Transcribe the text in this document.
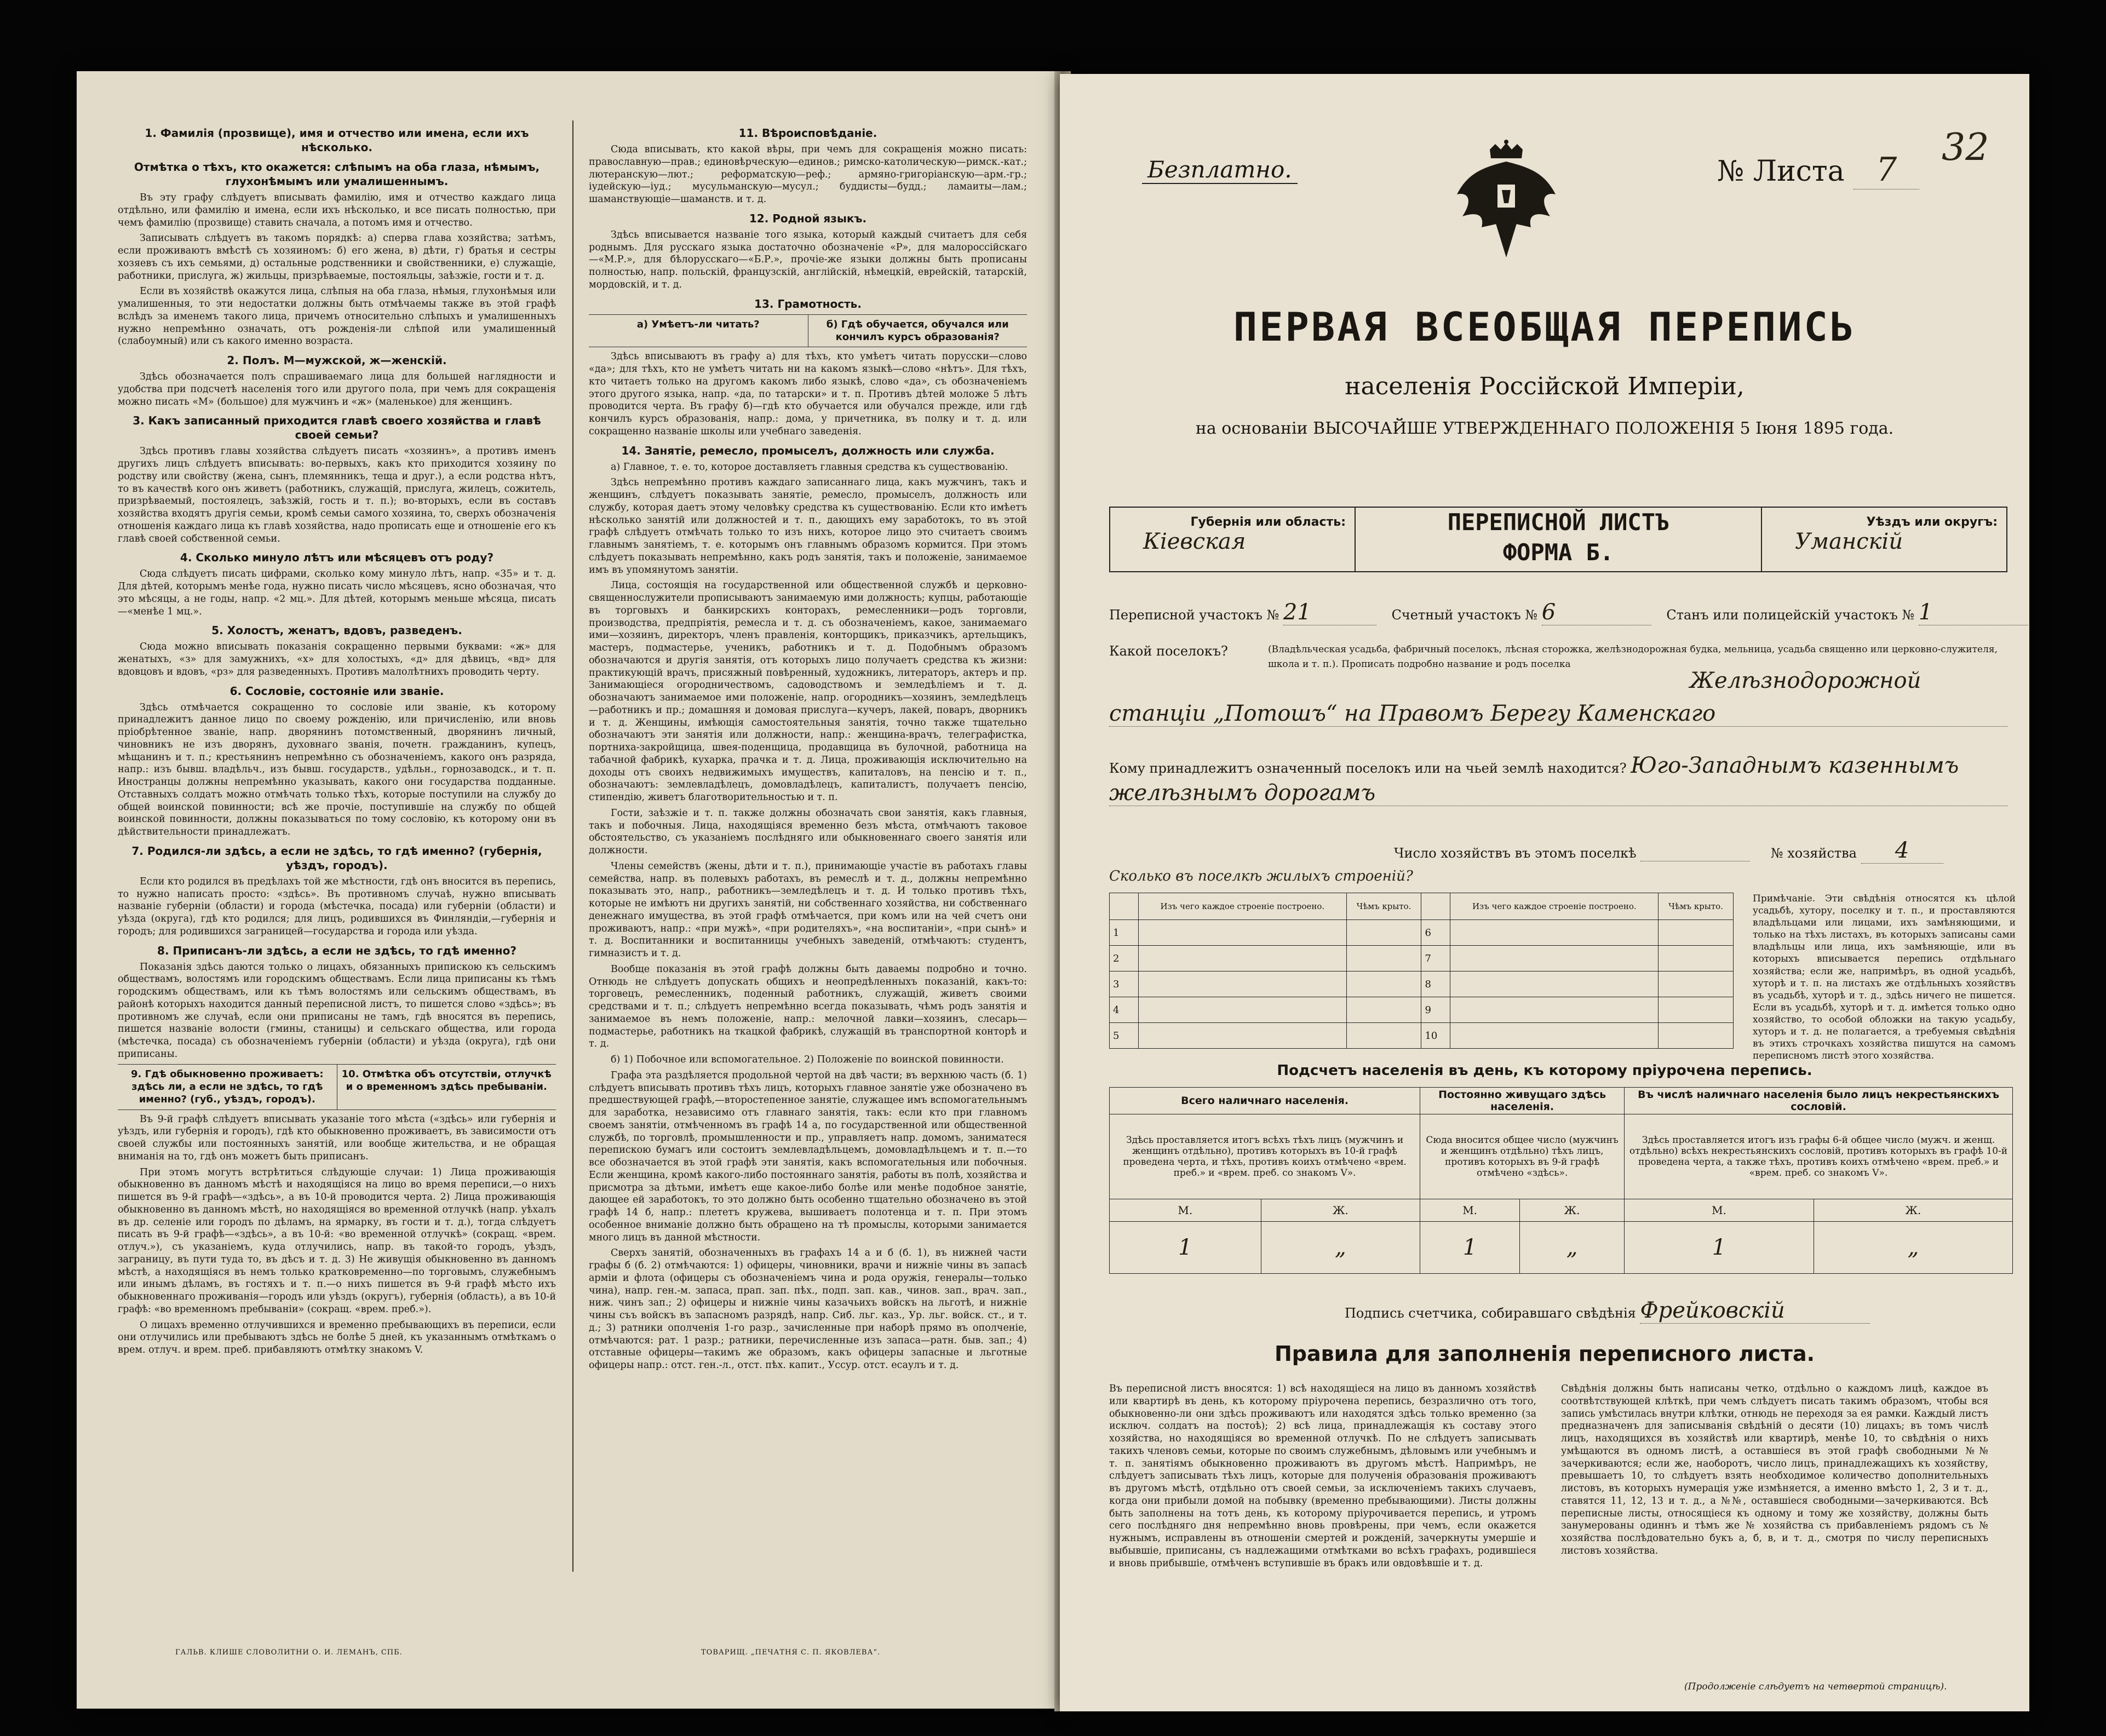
1. Фамилія (прозвище), имя и отчество или имена, если ихъ нѣсколько.
Отмѣтка о тѣхъ, кто окажется: слѣпымъ на оба глаза, нѣмымъ, глухонѣмымъ или умалишеннымъ.
Въ эту графу слѣдуетъ вписывать фамилію, имя и отчество каждаго лица отдѣльно, или фамилію и имена, если ихъ нѣсколько, и все писать полностью, при чемъ фамилію (прозвище) ставить сначала, а потомъ имя и отчество.
Записывать слѣдуетъ въ такомъ порядкѣ: а) сперва глава хозяйства; затѣмъ, если проживаютъ вмѣстѣ съ хозяиномъ: б) его жена, в) дѣти, г) братья и сестры хозяевъ съ ихъ семьями, д) остальные родственники и свойственники, е) служащіе, работники, прислуга, ж) жильцы, призрѣваемые, постояльцы, заѣзжіе, гости и т. д.
Если въ хозяйствѣ окажутся лица, слѣпыя на оба глаза, нѣмыя, глухонѣмыя или умалишенныя, то эти недостатки должны быть отмѣчаемы также въ этой графѣ вслѣдъ за именемъ такого лица, причемъ относительно слѣпыхъ и умалишенныхъ нужно непремѣнно означать, отъ рожденія-ли слѣпой или умалишенный (слабоумный) или съ какого именно возраста.
2. Полъ. М—мужской, ж—женскій.
Здѣсь обозначается полъ спрашиваемаго лица для большей наглядности и удобства при подсчетѣ населенія того или другого пола, при чемъ для сокращенія можно писать «М» (большое) для мужчинъ и «ж» (маленькое) для женщинъ.
3. Какъ записанный приходится главѣ своего хозяйства и главѣ своей семьи?
Здѣсь противъ главы хозяйства слѣдуетъ писать «хозяинъ», а противъ именъ другихъ лицъ слѣдуетъ вписывать: во-первыхъ, какъ кто приходится хозяину по родству или свойству (жена, сынъ, племянникъ, теща и друг.), а если родства нѣтъ, то въ качествѣ кого онъ живетъ (работникъ, служащій, прислуга, жилецъ, сожитель, призрѣваемый, постоялецъ, заѣзжій, гость и т. п.); во-вторыхъ, если въ составъ хозяйства входятъ другія семьи, кромѣ семьи самого хозяина, то, сверхъ обозначенія отношенія каждаго лица къ главѣ хозяйства, надо прописать еще и отношеніе его къ главѣ своей собственной семьи.
4. Сколько минуло лѣтъ или мѣсяцевъ отъ роду?
Сюда слѣдуетъ писать цифрами, сколько кому минуло лѣтъ, напр. «35» и т. д. Для дѣтей, которымъ менѣе года, нужно писать число мѣсяцевъ, ясно обозначая, что это мѣсяцы, а не годы, напр. «2 мц.». Для дѣтей, которымъ меньше мѣсяца, писать—«менѣе 1 мц.».
5. Холостъ, женатъ, вдовъ, разведенъ.
Сюда можно вписывать показанія сокращенно первыми буквами: «ж» для женатыхъ, «з» для замужнихъ, «х» для холостыхъ, «д» для дѣвицъ, «вд» для вдовцовъ и вдовъ, «рз» для разведенныхъ. Противъ малолѣтнихъ проводить черту.
6. Сословіе, состояніе или званіе.
Здѣсь отмѣчается сокращенно то сословіе или званіе, къ которому принадлежитъ данное лицо по своему рожденію, или причисленію, или вновь пріобрѣтенное званіе, напр. дворянинъ потомственный, дворянинъ личный, чиновникъ не изъ дворянъ, духовнаго званія, почетн. гражданинъ, купецъ, мѣщанинъ и т. п.; крестьянинъ непремѣнно съ обозначеніемъ, какого онъ разряда, напр.: изъ бывш. владѣльч., изъ бывш. государств., удѣльн., горнозаводск., и т. п. Иностранцы должны непремѣнно указывать, какого они государства подданные. Отставныхъ солдатъ можно отмѣчать только тѣхъ, которые поступили на службу до общей воинской повинности; всѣ же прочіе, поступившіе на службу по общей воинской повинности, должны показываться по тому сословію, къ которому они въ дѣйствительности принадлежатъ.
7. Родился-ли здѣсь, а если не здѣсь, то гдѣ именно? (губернія, уѣздъ, городъ).
Если кто родился въ предѣлахъ той же мѣстности, гдѣ онъ вносится въ перепись, то нужно написать просто: «здѣсь». Въ противномъ случаѣ, нужно вписывать названіе губерніи (области) и города (мѣстечка, посада) или губерніи (области) и уѣзда (округа), гдѣ кто родился; для лицъ, родившихся въ Финляндіи,—губернія и городъ; для родившихся заграницей—государства и города или уѣзда.
8. Приписанъ-ли здѣсь, а если не здѣсь, то гдѣ именно?
Показанія здѣсь даются только о лицахъ, обязанныхъ припискою къ сельскимъ обществамъ, волостямъ или городскимъ обществамъ. Если лица приписаны къ тѣмъ городскимъ обществамъ, или къ тѣмъ волостямъ или сельскимъ обществамъ, въ районѣ которыхъ находится данный переписной листъ, то пишется слово «здѣсь»; въ противномъ же случаѣ, если они приписаны не тамъ, гдѣ вносятся въ перепись, пишется названіе волости (гмины, станицы) и сельскаго общества, или города (мѣстечка, посада) съ обозначеніемъ губерніи (области) и уѣзда (округа), гдѣ они приписаны.
9. Гдѣ обыкновенно проживаетъ: здѣсь ли, а если не здѣсь, то гдѣ именно? (губ., уѣздъ, городъ).
10. Отмѣтка объ отсутствіи, отлучкѣ и о временномъ здѣсь пребываніи.
Въ 9-й графѣ слѣдуетъ вписывать указаніе того мѣста («здѣсь» или губернія и уѣздъ, или губернія и городъ), гдѣ кто обыкновенно проживаетъ, въ зависимости отъ своей службы или постоянныхъ занятій, или вообще жительства, и не обращая вниманія на то, гдѣ онъ можетъ быть приписанъ.
При этомъ могутъ встрѣтиться слѣдующіе случаи: 1) Лица проживающія обыкновенно въ данномъ мѣстѣ и находящіяся на лицо во время переписи,—о нихъ пишется въ 9-й графѣ—«здѣсь», а въ 10-й проводится черта. 2) Лица проживающія обыкновенно въ данномъ мѣстѣ, но находящіяся во временной отлучкѣ (напр. уѣхалъ въ др. селеніе или городъ по дѣламъ, на ярмарку, въ гости и т. д.), тогда слѣдуетъ писать въ 9-й графѣ—«здѣсь», а въ 10-й: «во временной отлучкѣ» (сокращ. «врем. отлуч.»), съ указаніемъ, куда отлучились, напр. въ такой-то городъ, уѣздъ, заграницу, въ пути туда то, въ дѣсъ и т. д. 3) Не живущія обыкновенно въ данномъ мѣстѣ, а находящіяся въ немъ только кратковременно—по торговымъ, служебнымъ или инымъ дѣламъ, въ гостяхъ и т. п.—о нихъ пишется въ 9-й графѣ мѣсто ихъ обыкновеннаго проживанія—городъ или уѣздъ (округъ), губернія (область), а въ 10-й графѣ: «во временномъ пребываніи» (сокращ. «врем. преб.»).
О лицахъ временно отлучившихся и временно пребывающихъ въ переписи, если они отлучились или пребываютъ здѣсь не болѣе 5 дней, къ указаннымъ отмѣткамъ о врем. отлуч. и врем. преб. прибавляютъ отмѣтку знакомъ V.
11. Вѣроисповѣданіе.
Сюда вписывать, кто какой вѣры, при чемъ для сокращенія можно писать: православную—прав.; единовѣрческую—единов.; римско-католическую—римск.-кат.; лютеранскую—лют.; реформатскую—реф.; армяно-григоріанскую—арм.-гр.; іудейскую—іуд.; мусульманскую—мусул.; буддисты—будд.; ламаиты—лам.; шаманствующіе—шаманств. и т. д.
12. Родной языкъ.
Здѣсь вписывается названіе того языка, который каждый считаетъ для себя роднымъ. Для русскаго языка достаточно обозначеніе «Р», для малороссійскаго—«М.Р.», для бѣлорусскаго—«Б.Р.», прочіе-же языки должны быть прописаны полностью, напр. польскій, французскій, англійскій, нѣмецкій, еврейскій, татарскій, мордовскій, и т. д.
13. Грамотность.
а) Умѣетъ-ли читать?	б) Гдѣ обучается, обучался или кончилъ курсъ образованія?
Здѣсь вписываютъ въ графу а) для тѣхъ, кто умѣетъ читать порусски—слово «да»; для тѣхъ, кто не умѣетъ читать ни на какомъ языкѣ—слово «нѣтъ». Для тѣхъ, кто читаетъ только на другомъ какомъ либо языкѣ, слово «да», съ обозначеніемъ этого другого языка, напр. «да, по татарски» и т. п. Противъ дѣтей моложе 5 лѣтъ проводится черта. Въ графу б)—гдѣ кто обучается или обучался прежде, или гдѣ кончилъ курсъ образованія, напр.: дома, у причетника, въ полку и т. д. или сокращенно названіе школы или учебнаго заведенія.
14. Занятіе, ремесло, промыселъ, должность или служба.
а) Главное, т. е. то, которое доставляетъ главныя средства къ существованію.
Здѣсь непремѣнно противъ каждаго записаннаго лица, какъ мужчинъ, такъ и женщинъ, слѣдуетъ показывать занятіе, ремесло, промыселъ, должность или службу, которая даетъ этому человѣку средства къ существованію. Если кто имѣетъ нѣсколько занятій или должностей и т. п., дающихъ ему заработокъ, то въ этой графѣ слѣдуетъ отмѣчать только то изъ нихъ, которое лицо это считаетъ своимъ главнымъ занятіемъ, т. е. которымъ онъ главнымъ образомъ кормится. При этомъ слѣдуетъ показывать непремѣнно, какъ родъ занятія, такъ и положеніе, занимаемое имъ въ упомянутомъ занятіи.
Лица, состоящія на государственной или общественной службѣ и церковно-священнослужители прописываютъ занимаемую ими должность; купцы, работающіе въ торговыхъ и банкирскихъ конторахъ, ремесленники—родъ торговли, производства, предпріятія, ремесла и т. д. съ обозначеніемъ, какое, занимаемаго ими—хозяинъ, директоръ, членъ правленія, конторщикъ, приказчикъ, артельщикъ, мастеръ, подмастерье, ученикъ, работникъ и т. д. Подобнымъ образомъ обозначаются и другія занятія, отъ которыхъ лицо получаетъ средства къ жизни: практикующій врачъ, присяжный повѣренный, художникъ, литераторъ, актеръ и пр. Занимающіеся огородничествомъ, садоводствомъ и земледѣліемъ и т. д. обозначаютъ занимаемое ими положеніе, напр. огородникъ—хозяинъ, земледѣлецъ—работникъ и пр.; домашняя и домовая прислуга—кучеръ, лакей, поваръ, дворникъ и т. д. Женщины, имѣющія самостоятельныя занятія, точно также тщательно обозначаютъ эти занятія или должности, напр.: женщина-врачъ, телеграфистка, портниха-закройщица, швея-поденщица, продавщица въ булочной, работница на табачной фабрикѣ, кухарка, прачка и т. д. Лица, проживающія исключительно на доходы отъ своихъ недвижимыхъ имуществъ, капиталовъ, на пенсію и т. п., обозначаютъ: землевладѣлецъ, домовладѣлецъ, капиталистъ, получаетъ пенсію, стипендію, живетъ благотворительностью и т. п.
Гости, заѣзжіе и т. п. также должны обозначать свои занятія, какъ главныя, такъ и побочныя. Лица, находящіяся временно безъ мѣста, отмѣчаютъ таковое обстоятельство, съ указаніемъ послѣдняго или обыкновеннаго своего занятія или должности.
Члены семействъ (жены, дѣти и т. п.), принимающіе участіе въ работахъ главы семейства, напр. въ полевыхъ работахъ, въ ремеслѣ и т. д., должны непремѣнно показывать это, напр., работникъ—земледѣлецъ и т. д. И только противъ тѣхъ, которые не имѣютъ ни другихъ занятій, ни собственнаго хозяйства, ни собственнаго денежнаго имущества, въ этой графѣ отмѣчается, при комъ или на чей счетъ они проживаютъ, напр.: «при мужѣ», «при родителяхъ», «на воспитаніи», «при сынѣ» и т. д. Воспитанники и воспитанницы учебныхъ заведеній, отмѣчаютъ: студентъ, гимназистъ и т. д.
Вообще показанія въ этой графѣ должны быть даваемы подробно и точно. Отнюдь не слѣдуетъ допускать общихъ и неопредѣленныхъ показаній, какъ-то: торговецъ, ремесленникъ, поденный работникъ, служащій, живетъ своими средствами и т. п.; слѣдуетъ непремѣнно всегда показывать, чѣмъ родъ занятія и занимаемое въ немъ положеніе, напр.: мелочной лавки—хозяинъ, слесарь—подмастерье, работникъ на ткацкой фабрикѣ, служащій въ транспортной конторѣ и т. д.
б) 1) Побочное или вспомогательное. 2) Положеніе по воинской повинности.
Графа эта раздѣляется продольной чертой на двѣ части; въ верхнюю часть (б. 1) слѣдуетъ вписывать противъ тѣхъ лицъ, которыхъ главное занятіе уже обозначено въ предшествующей графѣ,—второстепенное занятіе, служащее имъ вспомогательнымъ для заработка, независимо отъ главнаго занятія, такъ: если кто при главномъ своемъ занятіи, отмѣченномъ въ графѣ 14 а, по государственной или общественной службѣ, по торговлѣ, промышленности и пр., управляетъ напр. домомъ, заниматеся перепискою бумагъ или состоитъ землевладѣльцемъ, домовладѣльцемъ и т. п.—то все обозначается въ этой графѣ эти занятія, какъ вспомогательныя или побочныя. Если женщина, кромѣ какого-либо постояннаго занятія, работы въ полѣ, хозяйства и присмотра за дѣтьми, имѣетъ еще какое-либо болѣе или менѣе подобное занятіе, дающее ей заработокъ, то это должно быть особенно тщательно обозначено въ этой графѣ 14 б, напр.: плететъ кружева, вышиваетъ полотенца и т. п. При этомъ особенное вниманіе должно быть обращено на тѣ промыслы, которыми занимается много лицъ въ данной мѣстности.
Сверхъ занятій, обозначенныхъ въ графахъ 14 а и б (б. 1), въ нижней части графы б (б. 2) отмѣчаются: 1) офицеры, чиновники, врачи и нижніе чины въ запасѣ арміи и флота (офицеры съ обозначеніемъ чина и рода оружія, генералы—только чина), напр. ген.-м. запаса, прап. зап. пѣх., подп. зап. кав., чинов. зап., врач. зап., ниж. чинъ зап.; 2) офицеры и нижніе чины казачьихъ войскъ на льготѣ, и нижніе чины съъ войскъ въ запасномъ разрядѣ, напр. Сиб. льг. каз., Ур. льг. войск. ст., и т. д.; 3) ратники ополченія 1-го разр., зачисленные при наборѣ прямо въ ополченіе, отмѣчаются: рат. 1 разр.; ратники, перечисленные изъ запаса—ратн. быв. зап.; 4) отставные офицеры—такимъ же образомъ, какъ офицеры запасные и льготные офицеры напр.: отст. ген.-л., отст. пѣх. капит., Уссур. отст. есаулъ и т. д.
ГАЛЬВ. КЛИШЕ СЛОВОЛИТНИ О. И. ЛЕМАНЪ, СПБ.	ТОВАРИЩ. „ПЕЧАТНЯ С. П. ЯКОВЛЕВА“.
Безплатно.	№ Листа 7
32
ПЕРВАЯ ВСЕОБЩАЯ ПЕРЕПИСЬ
населенія Россійской Имперіи,
на основаніи ВЫСОЧАЙШЕ УТВЕРЖДЕННАГО ПОЛОЖЕНІЯ 5 Іюня 1895 года.
Губернія или область:
Кіевская
ПЕРЕПИСНОЙ ЛИСТЪ
ФОРМА Б.
Уѣздъ или округъ:
Уманскій
Переписной участокъ № 21	Счетный участокъ № 6	Станъ или полицейскій участокъ № 1
Какой поселокъ?	(Владѣльческая усадьба, фабричный поселокъ, лѣсная сторожка, желѣзнодорожная будка, мельница, усадьба священно или церковно-служителя, школа и т. п.). Прописать подробно название и родъ поселка
Желѣзнодорожной
станціи „Потошъ“ на Правомъ Берегу Каменскаго
Кому принадлежитъ означенный поселокъ или на чьей землѣ находится? Юго-Западнымъ казеннымъ
желѣзнымъ дорогамъ
Число хозяйствъ въ этомъ поселкѣ	№ хозяйства 4
Сколько въ поселкѣ жилыхъ строеній?
	Изъ чего каждое строеніе построено.	Чѣмъ крыто.		Изъ чего каждое строеніе построено.	Чѣмъ крыто.
1			6		
2			7		
3			8		
4			9		
5			10		
Примѣчаніе. Эти свѣдѣнія относятся къ цѣлой усадьбѣ, хутору, поселку и т. п., и проставляются владѣльцами или лицами, ихъ замѣняющими, и только на тѣхъ листахъ, въ которыхъ записаны сами владѣльцы или лица, ихъ замѣняющіе, или въ которыхъ вписывается перепись отдѣльнаго хозяйства; если же, напримѣръ, въ одной усадьбѣ, хуторѣ и т. п. на листахъ же отдѣльныхъ хозяйствъ въ усадьбѣ, хуторѣ и т. д., здѣсь ничего не пишется. Если въ усадьбѣ, хуторѣ и т. д. имѣется только одно хозяйство, то особой обложки на такую усадьбу, хуторъ и т. д. не полагается, а требуемыя свѣдѣнія въ этихъ строчкахъ хозяйства пишутся на самомъ переписномъ листѣ этого хозяйства.
Подсчетъ населенія въ день, къ которому пріурочена перепись.
Всего наличнаго населенія.		Постоянно живущаго здѣсь населенія.		Въ числѣ наличнаго населенія было лицъ некрестьянскихъ сословій.	
Здѣсь проставляется итогъ всѣхъ тѣхъ лицъ (мужчинъ и женщинъ отдѣльно), противъ которыхъ въ 10-й графѣ проведена черта, и тѣхъ, противъ коихъ отмѣчено «врем. преб.» и «врем. преб. со знакомъ V».		Сюда вносится общее число (мужчинъ и женщинъ отдѣльно) тѣхъ лицъ, противъ которыхъ въ 9-й графѣ отмѣчено «здѣсь».		Здѣсь проставляется итогъ изъ графы 6-й общее число (мужч. и женщ. отдѣльно) всѣхъ некрестьянскихъ сословій, противъ которыхъ въ графѣ 10-й проведена черта, а также тѣхъ, противъ коихъ отмѣчено «врем. преб.» и «врем. преб. со знакомъ V».	
М.	Ж.	М.	Ж.	М.	Ж.
1	„	1	„	1	„
Подпись счетчика, собиравшаго свѣдѣнія Фрейковскій
Правила для заполненія переписного листа.
Въ переписной листъ вносятся: 1) всѣ находящіеся на лицо въ данномъ хозяйствѣ или квартирѣ въ день, къ которому пріурочена перепись, безразлично отъ того, обыкновенно-ли они здѣсь проживаютъ или находятся здѣсь только временно (за исключ. солдатъ на постоѣ); 2) всѣ лица, принадлежащія къ составу этого хозяйства, но находящіяся во временной отлучкѣ. По не слѣдуетъ записывать такихъ членовъ семьи, которые по своимъ служебнымъ, дѣловымъ или учебнымъ и т. п. занятіямъ обыкновенно проживаютъ въ другомъ мѣстѣ. Напримѣръ, не слѣдуетъ записывать тѣхъ лицъ, которые для полученія образованія проживаютъ въ другомъ мѣстѣ, отдѣльно отъ своей семьи, за исключеніемъ такихъ случаевъ, когда они прибыли домой на побывку (временно пребывающими). Листы должны быть заполнены на тотъ день, къ которому пріурочивается перепись, и утромъ сего послѣдняго дня непремѣнно вновь провѣрены, при чемъ, если окажется нужнымъ, исправлены въ отношеніи смертей и рожденій, зачеркнуты умершіе и выбывшіе, приписаны, съ надлежащими отмѣтками во всѣхъ графахъ, родившіеся и вновь прибывшіе, отмѣченъ вступившіе въ бракъ или овдовѣвшіе и т. д.
Свѣдѣнія должны быть написаны четко, отдѣльно о каждомъ лицѣ, каждое въ соотвѣтствующей клѣткѣ, при чемъ слѣдуетъ писать такимъ образомъ, чтобы вся запись умѣстилась внутри клѣтки, отнюдь не переходя за ея рамки. Каждый листъ предназначенъ для записыванія свѣдѣній о десяти (10) лицахъ; въ томъ числѣ лицъ, находящихся въ хозяйствѣ или квартирѣ, менѣе 10, то свѣдѣнія о нихъ умѣщаются въ одномъ листѣ, а оставшіеся въ этой графѣ свободными №№ зачеркиваются; если же, наоборотъ, число лицъ, принадлежащихъ къ хозяйству, превышаетъ 10, то слѣдуетъ взять необходимое количество дополнительныхъ листовъ, въ которыхъ нумерація уже измѣняется, а именно вмѣсто 1, 2, 3 и т. д., ставятся 11, 12, 13 и т. д., а №№, оставшіеся свободными—зачеркиваются. Всѣ переписные листы, относящіеся къ одному и тому же хозяйству, должны быть занумерованы одиннъ и тѣмъ же № хозяйства съ прибавленіемъ рядомъ съ № хозяйства послѣдовательно букъ а, б, в, и т. д., смотря по числу переписныхъ листовъ хозяйства.
(Продолженіе слѣдуетъ на четвертой страницѣ).
